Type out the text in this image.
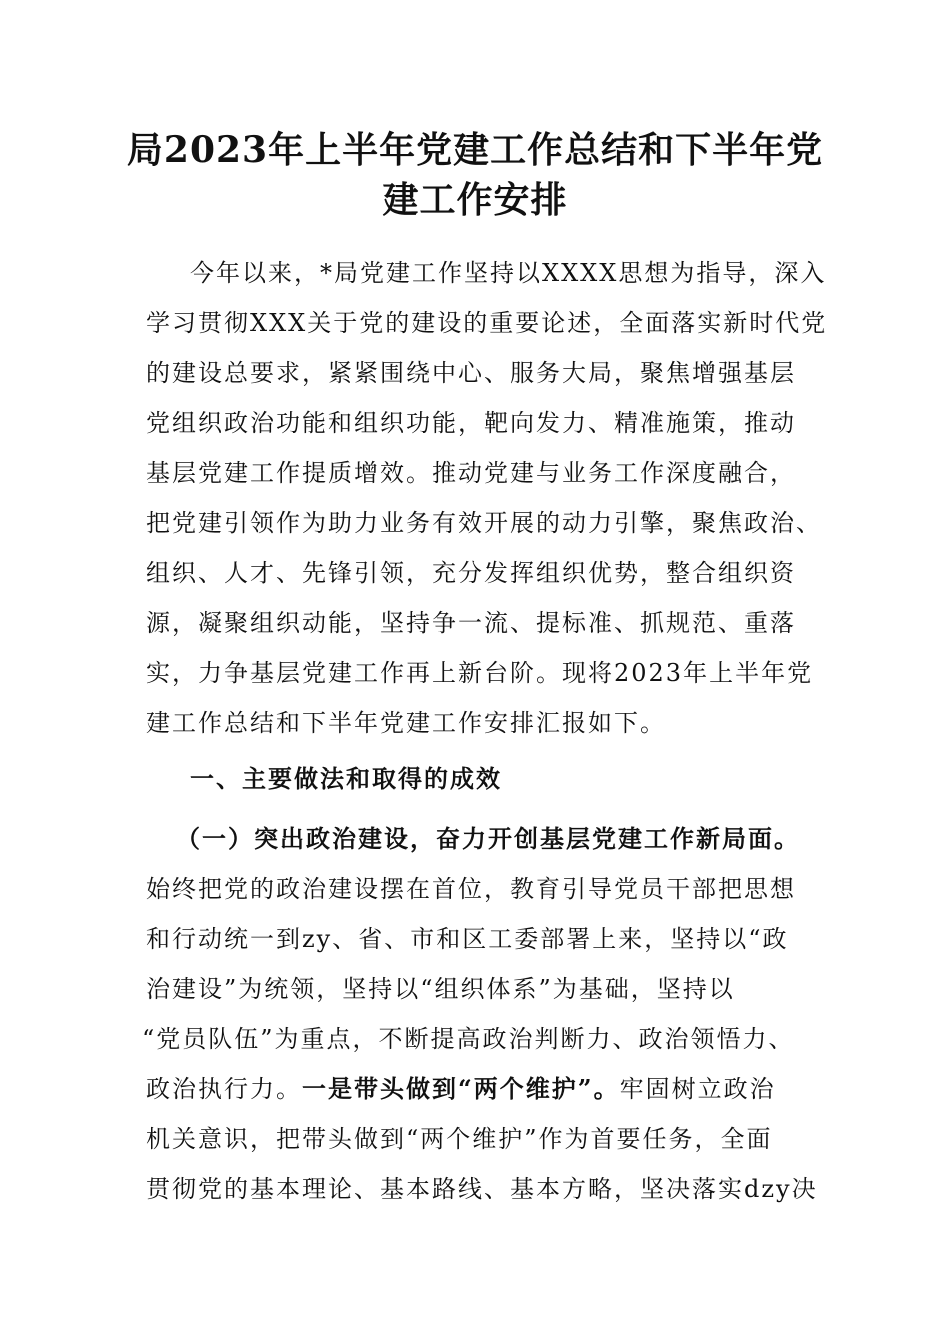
局2023年上半年党建工作总结和下半年党
建工作安排

今年以来，*局党建工作坚持以XXXX思想为指导，深入

学习贯彻XXX关于党的建设的重要论述，全面落实新时代党

的建设总要求，紧紧围绕中心、服务大局，聚焦增强基层

党组织政治功能和组织功能，靶向发力、精准施策，推动

基层党建工作提质增效。推动党建与业务工作深度融合，

把党建引领作为助力业务有效开展的动力引擎，聚焦政治、

组织、人才、先锋引领，充分发挥组织优势，整合组织资

源，凝聚组织动能，坚持争一流、提标准、抓规范、重落

实，力争基层党建工作再上新台阶。现将2023年上半年党

建工作总结和下半年党建工作安排汇报如下。

一、主要做法和取得的成效

（一）突出政治建设，奋力开创基层党建工作新局面。

始终把党的政治建设摆在首位，教育引导党员干部把思想

和行动统一到zy、省、市和区工委部署上来，坚持以“政

治建设”为统领，坚持以“组织体系”为基础，坚持以

“党员队伍”为重点，不断提高政治判断力、政治领悟力、

政治执行力。一是带头做到“两个维护”。牢固树立政治

机关意识，把带头做到“两个维护”作为首要任务，全面

贯彻党的基本理论、基本路线、基本方略，坚决落实dzy决
